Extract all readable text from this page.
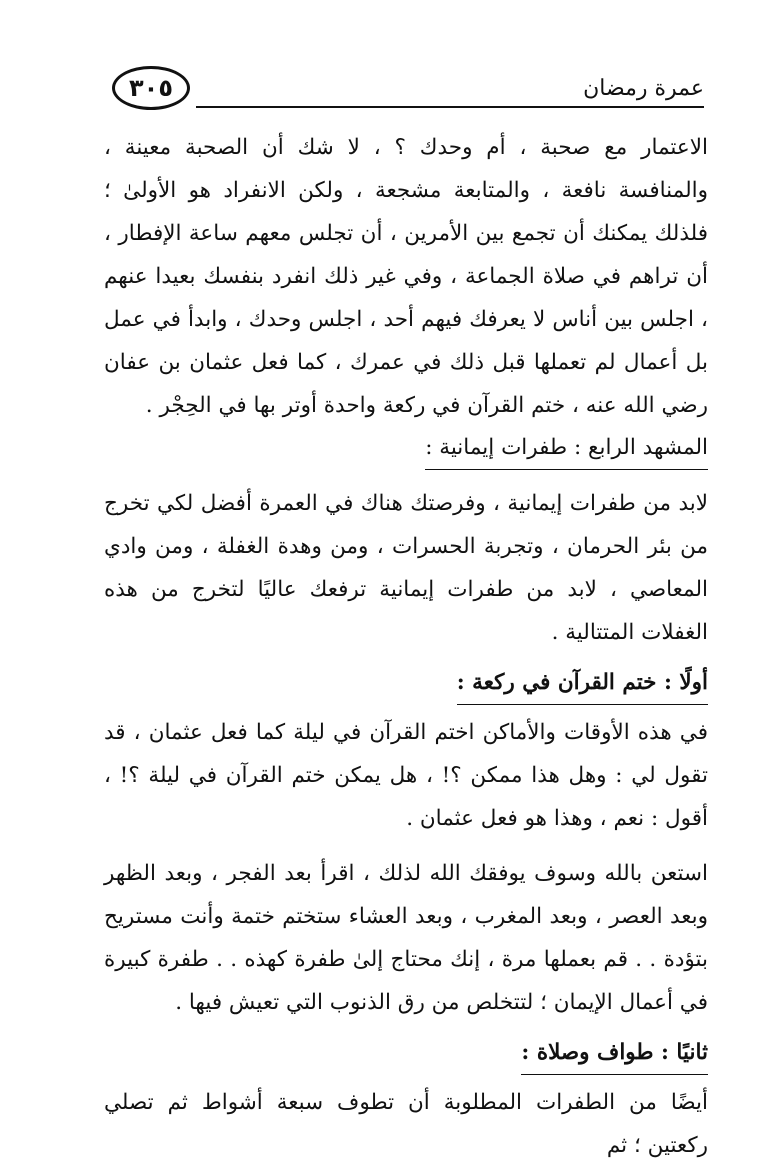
٣٠٥	عمرة رمضان

الاعتمار مع صحبة ، أم وحدك ؟ ، لا شك أن الصحبة معينة ، والمنافسة نافعة ، والمتابعة مشجعة ، ولكن الانفراد هو الأولىٰ ؛ فلذلك يمكنك أن تجمع بين الأمرين ، أن تجلس معهم ساعة الإفطار ، أن تراهم في صلاة الجماعة ، وفي غير ذلك انفرد بنفسك بعيدا عنهم ، اجلس بين أناس لا يعرفك فيهم أحد ، اجلس وحدك ، وابدأ في عمل بل أعمال لم تعملها قبل ذلك في عمرك ، كما فعل عثمان بن عفان رضي الله عنه ، ختم القرآن في ركعة واحدة أوتر بها في الحِجْر .

المشهد الرابع : طفرات إيمانية :

لابد من طفرات إيمانية ، وفرصتك هناك في العمرة أفضل لكي تخرج من بئر الحرمان ، وتجربة الحسرات ، ومن وهدة الغفلة ، ومن وادي المعاصي ، لابد من طفرات إيمانية ترفعك عاليًا لتخرج من هذه الغفلات المتتالية .

أولًا : ختم القرآن في ركعة :

في هذه الأوقات والأماكن اختم القرآن في ليلة كما فعل عثمان ، قد تقول لي : وهل هذا ممكن ؟! ، هل يمكن ختم القرآن في ليلة ؟! ، أقول : نعم ، وهذا هو فعل عثمان .

استعن بالله وسوف يوفقك الله لذلك ، اقرأ بعد الفجر ، وبعد الظهر وبعد العصر ، وبعد المغرب ، وبعد العشاء ستختم ختمة وأنت مستريح بتؤدة . . قم بعملها مرة ، إنك محتاج إلىٰ طفرة كهذه . . طفرة كبيرة في أعمال الإيمان ؛ لتتخلص من رق الذنوب التي تعيش فيها .

ثانيًا : طواف وصلاة :

أيضًا من الطفرات المطلوبة أن تطوف سبعة أشواط ثم تصلي ركعتين ؛ ثم
